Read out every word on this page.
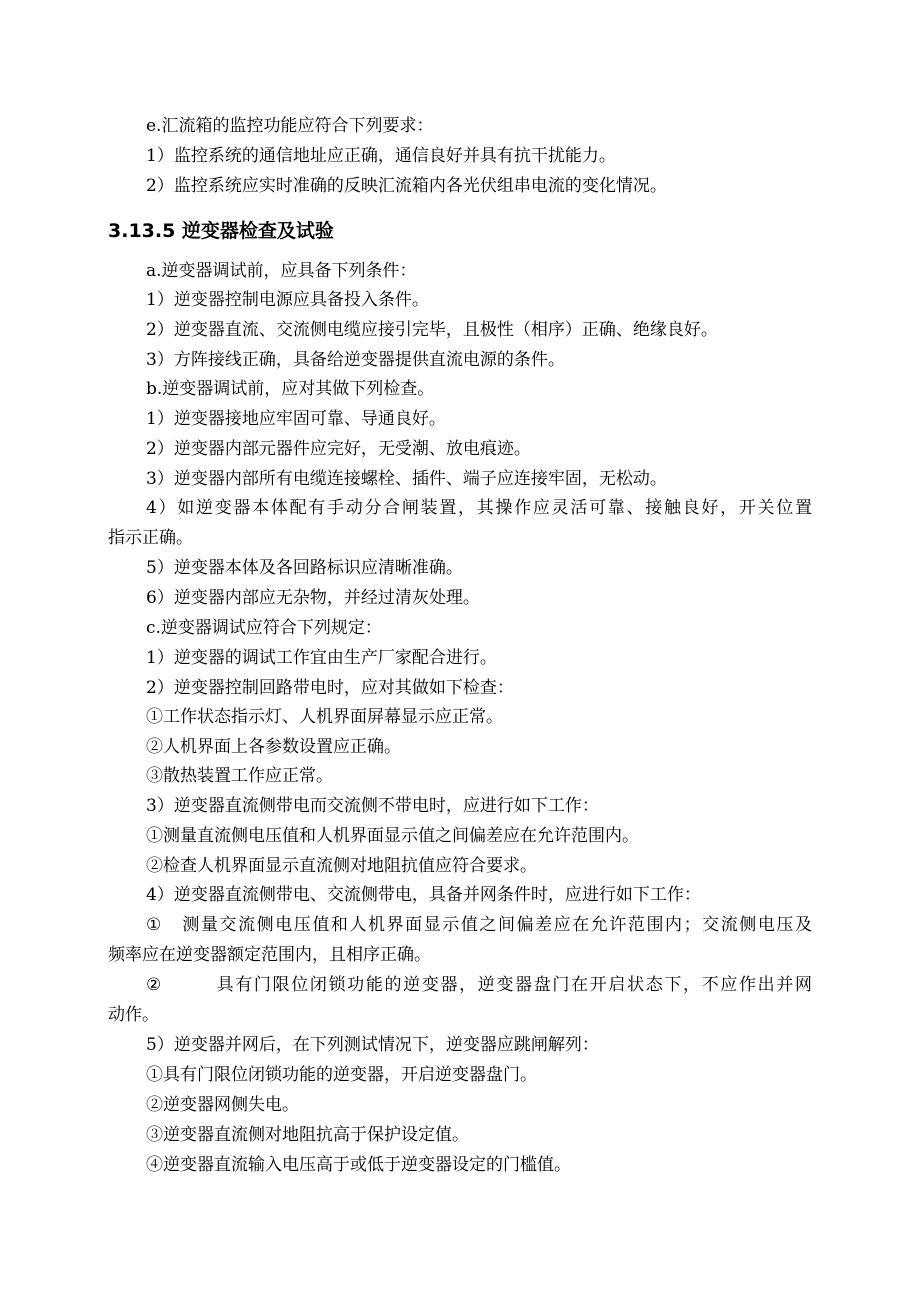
e.汇流箱的监控功能应符合下列要求：
1）监控系统的通信地址应正确，通信良好并具有抗干扰能力。
2）监控系统应实时准确的反映汇流箱内各光伏组串电流的变化情况。
3.13.5 逆变器检查及试验
a.逆变器调试前，应具备下列条件：
1）逆变器控制电源应具备投入条件。
2）逆变器直流、交流侧电缆应接引完毕，且极性（相序）正确、绝缘良好。
3）方阵接线正确，具备给逆变器提供直流电源的条件。
b.逆变器调试前，应对其做下列检查。
1）逆变器接地应牢固可靠、导通良好。
2）逆变器内部元器件应完好，无受潮、放电痕迹。
3）逆变器内部所有电缆连接螺栓、插件、端子应连接牢固，无松动。
4）如逆变器本体配有手动分合闸装置，其操作应灵活可靠、接触良好，开关位置
指示正确。
5）逆变器本体及各回路标识应清晰准确。
6）逆变器内部应无杂物，并经过清灰处理。
c.逆变器调试应符合下列规定：
1）逆变器的调试工作宜由生产厂家配合进行。
2）逆变器控制回路带电时，应对其做如下检查：
①工作状态指示灯、人机界面屏幕显示应正常。
②人机界面上各参数设置应正确。
③散热装置工作应正常。
3）逆变器直流侧带电而交流侧不带电时，应进行如下工作：
①测量直流侧电压值和人机界面显示值之间偏差应在允许范围内。
②检查人机界面显示直流侧对地阻抗值应符合要求。
4）逆变器直流侧带电、交流侧带电，具备并网条件时，应进行如下工作：
① 测量交流侧电压值和人机界面显示值之间偏差应在允许范围内；交流侧电压及
频率应在逆变器额定范围内，且相序正确。
②	具有门限位闭锁功能的逆变器，逆变器盘门在开启状态下，不应作出并网
动作。
5）逆变器并网后，在下列测试情况下，逆变器应跳闸解列：
①具有门限位闭锁功能的逆变器，开启逆变器盘门。
②逆变器网侧失电。
③逆变器直流侧对地阻抗高于保护设定值。
④逆变器直流输入电压高于或低于逆变器设定的门槛值。
